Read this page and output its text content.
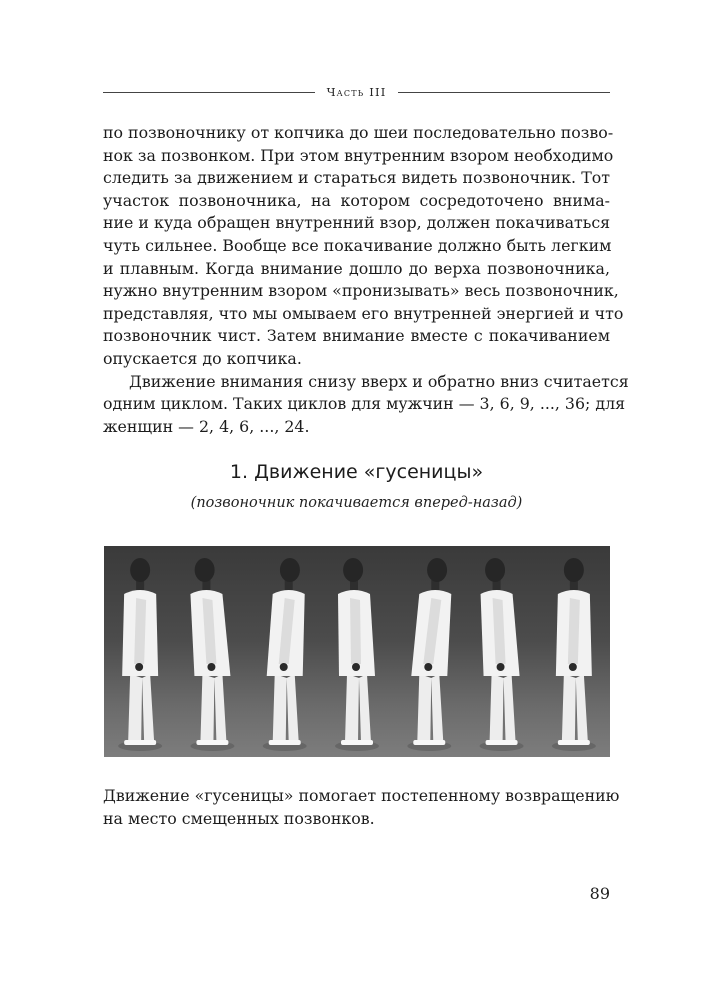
Часть III
по позвоночнику от копчика до шеи последовательно позво-
нок за позвонком. При этом внутренним взором необходимо
следить за движением и стараться видеть позвоночник. Тот
участок позвоночника, на котором сосредоточено внима-
ние и куда обращен внутренний взор, должен покачиваться
чуть сильнее. Вообще все покачивание должно быть легким
и плавным. Когда внимание дошло до верха позвоночника,
нужно внутренним взором «пронизывать» весь позвоночник,
представляя, что мы омываем его внутренней энергией и что
позвоночник чист. Затем внимание вместе с покачиванием
опускается до копчика.
Движение внимания снизу вверх и обратно вниз считается
одним циклом. Таких циклов для мужчин — 3, 6, 9, ..., 36; для
женщин — 2, 4, 6, ..., 24.
1. Движение «гусеницы»
(позвоночник покачивается вперед-назад)
Движение «гусеницы» помогает постепенному возвращению
на место смещенных позвонков.
89
